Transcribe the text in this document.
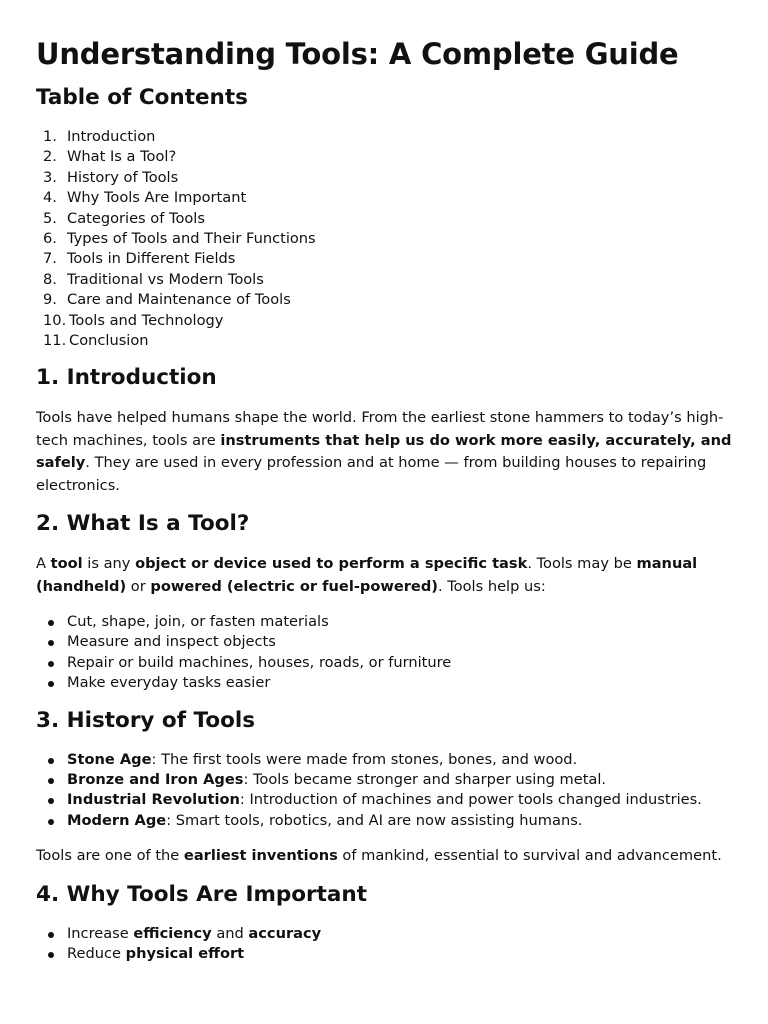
Understanding Tools: A Complete Guide
Table of Contents
1. Introduction
2. What Is a Tool?
3. History of Tools
4. Why Tools Are Important
5. Categories of Tools
6. Types of Tools and Their Functions
7. Tools in Different Fields
8. Traditional vs Modern Tools
9. Care and Maintenance of Tools
10. Tools and Technology
11. Conclusion
1. Introduction

Tools have helped humans shape the world. From the earliest stone hammers to today’s high-tech machines, tools are instruments that help us do work more easily, accurately, and safely. They are used in every profession and at home — from building houses to repairing electronics.

2. What Is a Tool?

A tool is any object or device used to perform a specific task. Tools may be manual (handheld) or powered (electric or fuel-powered). Tools help us:

Cut, shape, join, or fasten materials
Measure and inspect objects
Repair or build machines, houses, roads, or furniture
Make everyday tasks easier
3. History of Tools
Stone Age: The first tools were made from stones, bones, and wood.
Bronze and Iron Ages: Tools became stronger and sharper using metal.
Industrial Revolution: Introduction of machines and power tools changed industries.
Modern Age: Smart tools, robotics, and AI are now assisting humans.

Tools are one of the earliest inventions of mankind, essential to survival and advancement.

4. Why Tools Are Important
Increase efficiency and accuracy
Reduce physical effort
